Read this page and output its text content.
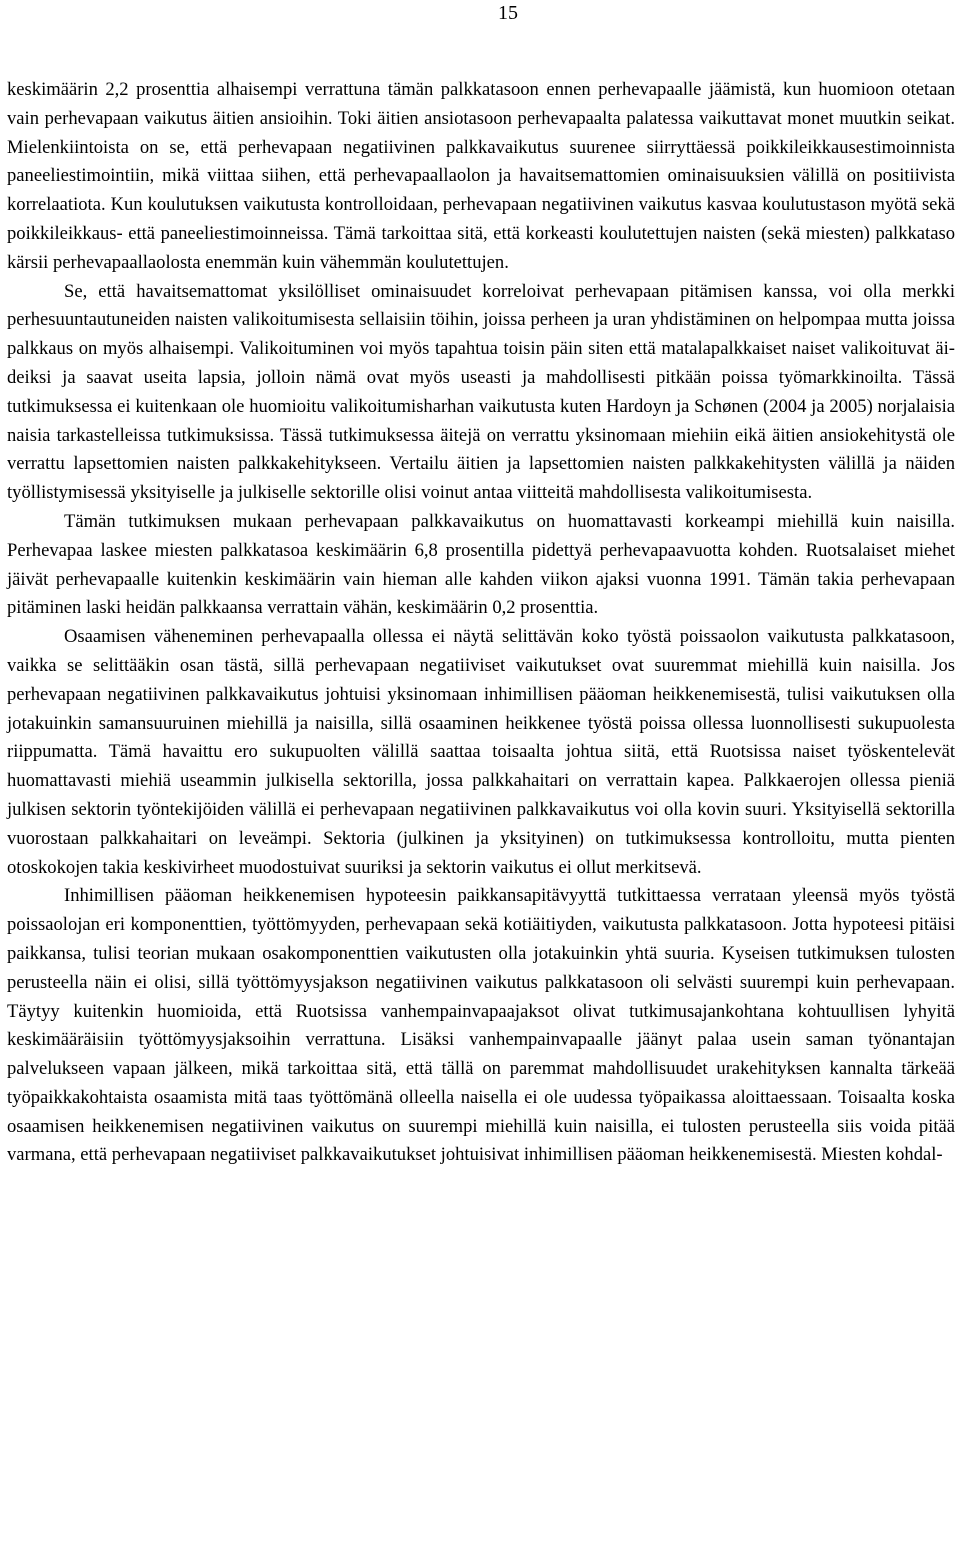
15

keskimäärin 2,2 prosenttia alhaisempi verrattuna tämän palkkatasoon ennen perhevapaalle jäämistä, kun huomioon otetaan vain perhevapaan vaikutus äitien ansioihin. Toki äitien ansiotasoon perhevapaalta palatessa vaikuttavat monet muutkin seikat. Mielenkiintoista on se, että perhevapaan negatiivinen palkkavaikutus suurenee siirryttäessä poikkileikkausestimoinnista paneeliestimointiin, mikä viittaa siihen, että perhevapaallaolon ja havaitsemattomien ominaisuuksien välillä on positiivista korrelaatiota. Kun koulutuksen vaikutusta kontrolloidaan, perhevapaan negatiivinen vaikutus kasvaa koulutustason myötä sekä poikkileikkaus- että paneeliestimoinneissa. Tämä tarkoittaa sitä, että korkeasti koulutettujen naisten (sekä miesten) palkkataso kärsii perhevapaallaolosta enemmän kuin vähemmän koulutettujen.

Se, että havaitsemattomat yksilölliset ominaisuudet korreloivat perhevapaan pitämisen kanssa, voi olla merkki perhesuuntautuneiden naisten valikoitumisesta sellaisiin töihin, joissa perheen ja uran yhdistäminen on helpompaa mutta joissa palkkaus on myös alhaisempi. Valikoituminen voi myös tapahtua toisin päin siten että matalapalkkaiset naiset valikoituvat äideiksi ja saavat useita lapsia, jolloin nämä ovat myös useasti ja mahdollisesti pitkään poissa työmarkkinoilta. Tässä tutkimuksessa ei kuitenkaan ole huomioitu valikoitumisharhan vaikutusta kuten Hardoyn ja Schønen (2004 ja 2005) norjalaisia naisia tarkastelleissa tutkimuksissa. Tässä tutkimuksessa äitejä on verrattu yksinomaan miehiin eikä äitien ansiokehitystä ole verrattu lapsettomien naisten palkkakehitykseen. Vertailu äitien ja lapsettomien naisten palkkakehitysten välillä ja näiden työllistymisessä yksityiselle ja julkiselle sektorille olisi voinut antaa viitteitä mahdollisesta valikoitumisesta.

Tämän tutkimuksen mukaan perhevapaan palkkavaikutus on huomattavasti korkeampi miehillä kuin naisilla. Perhevapaa laskee miesten palkkatasoa keskimäärin 6,8 prosentilla pidettyä perhevapaavuotta kohden. Ruotsalaiset miehet jäivät perhevapaalle kuitenkin keskimäärin vain hieman alle kahden viikon ajaksi vuonna 1991. Tämän takia perhevapaan pitäminen laski heidän palkkaansa verrattain vähän, keskimäärin 0,2 prosenttia.

Osaamisen väheneminen perhevapaalla ollessa ei näytä selittävän koko työstä poissaolon vaikutusta palkkatasoon, vaikka se selittääkin osan tästä, sillä perhevapaan negatiiviset vaikutukset ovat suuremmat miehillä kuin naisilla. Jos perhevapaan negatiivinen palkkavaikutus johtuisi yksinomaan inhimillisen pääoman heikkenemisestä, tulisi vaikutuksen olla jotakuinkin samansuuruinen miehillä ja naisilla, sillä osaaminen heikkenee työstä poissa ollessa luonnollisesti sukupuolesta riippumatta. Tämä havaittu ero sukupuolten välillä saattaa toisaalta johtua siitä, että Ruotsissa naiset työskentelevät huomattavasti miehiä useammin julkisella sektorilla, jossa palkkahaitari on verrattain kapea. Palkkaerojen ollessa pieniä julkisen sektorin työntekijöiden välillä ei perhevapaan negatiivinen palkkavaikutus voi olla kovin suuri. Yksityisellä sektorilla vuorostaan palkkahaitari on leveämpi. Sektoria (julkinen ja yksityinen) on tutkimuksessa kontrolloitu, mutta pienten otoskokojen takia keskivirheet muodostuivat suuriksi ja sektorin vaikutus ei ollut merkitsevä.

Inhimillisen pääoman heikkenemisen hypoteesin paikkansapitävyyttä tutkittaessa verrataan yleensä myös työstä poissaolojan eri komponenttien, työttömyyden, perhevapaan sekä kotiäitiyden, vaikutusta palkkatasoon. Jotta hypoteesi pitäisi paikkansa, tulisi teorian mukaan osakomponenttien vaikutusten olla jotakuinkin yhtä suuria. Kyseisen tutkimuksen tulosten perusteella näin ei olisi, sillä työttömyysjakson negatiivinen vaikutus palkkatasoon oli selvästi suurempi kuin perhevapaan. Täytyy kuitenkin huomioida, että Ruotsissa vanhempainvapaajaksot olivat tutkimusajankohtana kohtuullisen lyhyitä keskimääräisiin työttömyysjaksoihin verrattuna. Lisäksi vanhempainvapaalle jäänyt palaa usein saman työnantajan palvelukseen vapaan jälkeen, mikä tarkoittaa sitä, että tällä on paremmat mahdollisuudet urakehityksen kannalta tärkeää työpaikkakohtaista osaamista mitä taas työttömänä olleella naisella ei ole uudessa työpaikassa aloittaessaan. Toisaalta koska osaamisen heikkenemisen negatiivinen vaikutus on suurempi miehillä kuin naisilla, ei tulosten perusteella siis voida pitää varmana, että perhevapaan negatiiviset palkkavaikutukset johtuisivat inhimillisen pääoman heikkenemisestä. Miesten kohdal-
